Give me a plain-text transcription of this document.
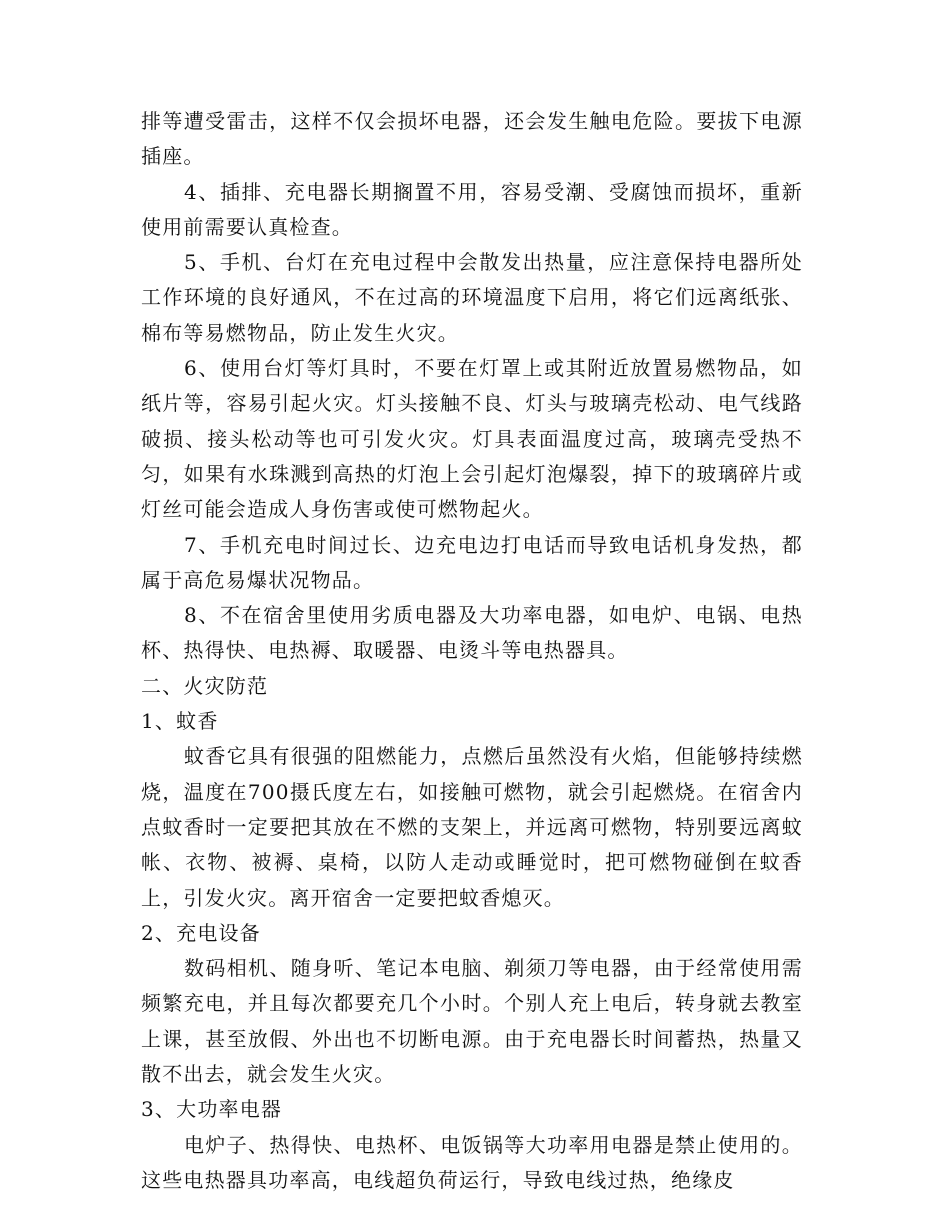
排等遭受雷击，这样不仅会损坏电器，还会发生触电危险。要拔下电源插座。

4、插排、充电器长期搁置不用，容易受潮、受腐蚀而损坏，重新使用前需要认真检查。

5、手机、台灯在充电过程中会散发出热量，应注意保持电器所处工作环境的良好通风，不在过高的环境温度下启用，将它们远离纸张、棉布等易燃物品，防止发生火灾。

6、使用台灯等灯具时，不要在灯罩上或其附近放置易燃物品，如纸片等，容易引起火灾。灯头接触不良、灯头与玻璃壳松动、电气线路破损、接头松动等也可引发火灾。灯具表面温度过高，玻璃壳受热不匀，如果有水珠溅到高热的灯泡上会引起灯泡爆裂，掉下的玻璃碎片或灯丝可能会造成人身伤害或使可燃物起火。

7、手机充电时间过长、边充电边打电话而导致电话机身发热，都属于高危易爆状况物品。

8、不在宿舍里使用劣质电器及大功率电器，如电炉、电锅、电热杯、热得快、电热褥、取暖器、电烫斗等电热器具。

二、火灾防范

1、蚊香

蚊香它具有很强的阻燃能力，点燃后虽然没有火焰，但能够持续燃烧，温度在700摄氏度左右，如接触可燃物，就会引起燃烧。在宿舍内点蚊香时一定要把其放在不燃的支架上，并远离可燃物，特别要远离蚊帐、衣物、被褥、桌椅，以防人走动或睡觉时，把可燃物碰倒在蚊香上，引发火灾。离开宿舍一定要把蚊香熄灭。

2、充电设备

数码相机、随身听、笔记本电脑、剃须刀等电器，由于经常使用需频繁充电，并且每次都要充几个小时。个别人充上电后，转身就去教室上课，甚至放假、外出也不切断电源。由于充电器长时间蓄热，热量又散不出去，就会发生火灾。

3、大功率电器

电炉子、热得快、电热杯、电饭锅等大功率用电器是禁止使用的。这些电热器具功率高，电线超负荷运行，导致电线过热，绝缘皮
